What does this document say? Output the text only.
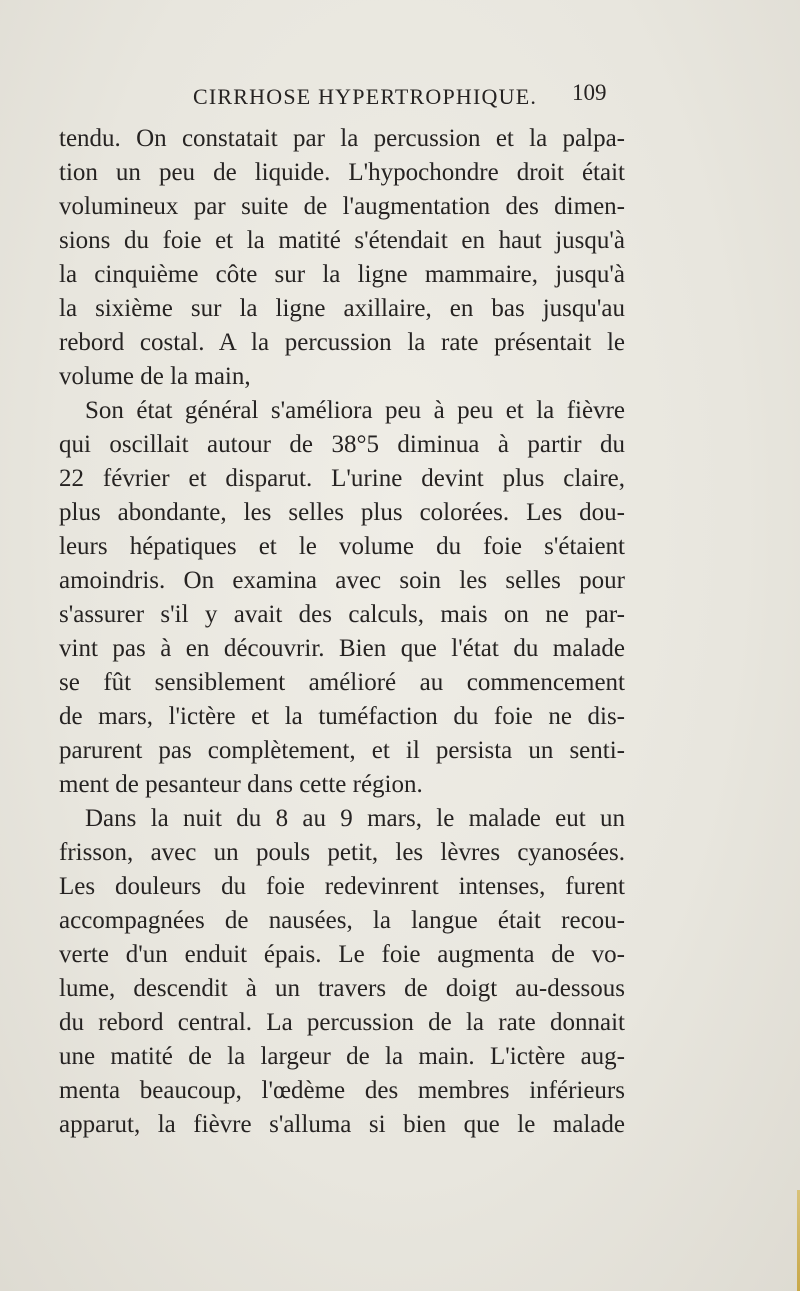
CIRRHOSE HYPERTROPHIQUE. 109
tendu. On constatait par la percussion et la palpa-
tion un peu de liquide. L'hypochondre droit était
volumineux par suite de l'augmentation des dimen-
sions du foie et la matité s'étendait en haut jusqu'à
la cinquième côte sur la ligne mammaire, jusqu'à
la sixième sur la ligne axillaire, en bas jusqu'au
rebord costal. A la percussion la rate présentait le
volume de la main,
Son état général s'améliora peu à peu et la fièvre
qui oscillait autour de 38°5 diminua à partir du
22 février et disparut. L'urine devint plus claire,
plus abondante, les selles plus colorées. Les dou-
leurs hépatiques et le volume du foie s'étaient
amoindris. On examina avec soin les selles pour
s'assurer s'il y avait des calculs, mais on ne par-
vint pas à en découvrir. Bien que l'état du malade
se fût sensiblement amélioré au commencement
de mars, l'ictère et la tuméfaction du foie ne dis-
parurent pas complètement, et il persista un senti-
ment de pesanteur dans cette région.
Dans la nuit du 8 au 9 mars, le malade eut un
frisson, avec un pouls petit, les lèvres cyanosées.
Les douleurs du foie redevinrent intenses, furent
accompagnées de nausées, la langue était recou-
verte d'un enduit épais. Le foie augmenta de vo-
lume, descendit à un travers de doigt au-dessous
du rebord central. La percussion de la rate donnait
une matité de la largeur de la main. L'ictère aug-
menta beaucoup, l'œdème des membres inférieurs
apparut, la fièvre s'alluma si bien que le malade
